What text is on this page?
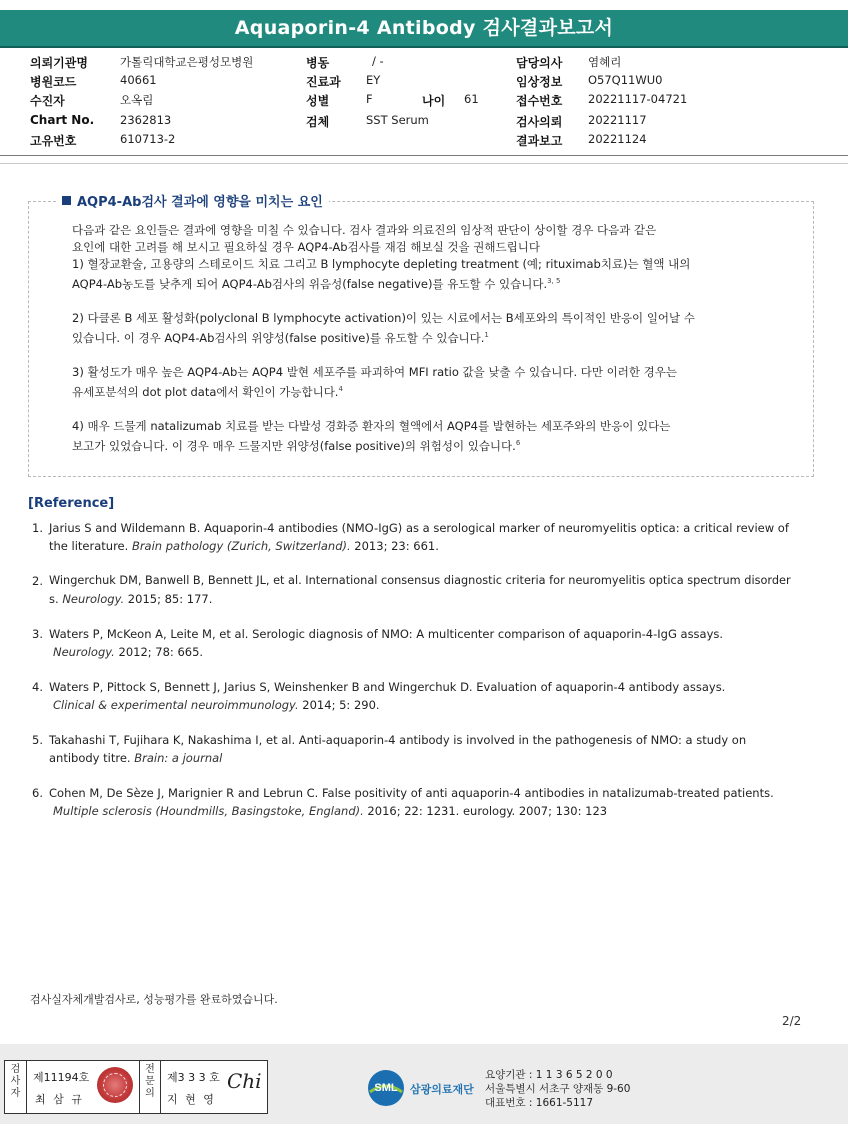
Aquaporin-4 Antibody 검사결과보고서
의뢰기관명	가톨릭대학교은평성모병원	병동	/ -	담당의사 염혜리
병원코드	40661	진료과 EY	임상정보 O57Q11WU0
수진자	오옥림	성별	F	나이 61	접수번호 20221117-04721
Chart No. 2362813	검체	SST Serum	검사의뢰 20221117
고유번호	610713-2	결과보고 20221124
AQP4-Ab검사 결과에 영향을 미치는 요인

다음과 같은 요인들은 결과에 영향을 미칠 수 있습니다. 검사 결과와 의료진의 임상적 판단이 상이할 경우 다음과 같은

요인에 대한 고려를 해 보시고 필요하실 경우 AQP4-Ab검사를 재검 해보실 것을 권해드립니다

1) 혈장교환술, 고용량의 스테로이드 치료 그리고 B lymphocyte depleting treatment (예; rituximab치료)는 혈액 내의

AQP4-Ab농도를 낮추게 되어 AQP4-Ab검사의 위음성(false negative)를 유도할 수 있습니다.$^{3, 5}$

2) 다클론 B 세포 활성화(polyclonal B lymphocyte activation)이 있는 시료에서는 B세포와의 특이적인 반응이 일어날 수

있습니다. 이 경우 AQP4-Ab검사의 위양성(false positive)를 유도할 수 있습니다.$^1$

3) 활성도가 매우 높은 AQP4-Ab는 AQP4 발현 세포주를 파괴하여 MFI ratio 값을 낮출 수 있습니다. 다만 이러한 경우는

유세포분석의 dot plot data에서 확인이 가능합니다.$^4$

4) 매우 드물게 natalizumab 치료를 받는 다발성 경화증 환자의 혈액에서 AQP4를 발현하는 세포주와의 반응이 있다는

보고가 있었습니다. 이 경우 매우 드물지만 위양성(false positive)의 위험성이 있습니다.$^6$

[Reference]
1. Jarius S and Wildemann B. Aquaporin-4 antibodies (NMO-IgG) as a serological marker of neuromyelitis optica: a critical review of
the literature. Brain pathology (Zurich, Switzerland). 2013; 23: 661.
2. Wingerchuk DM, Banwell B, Bennett JL, et al. International consensus diagnostic criteria for neuromyelitis optica spectrum disorder
s. Neurology. 2015; 85: 177.
3. Waters P, McKeon A, Leite M, et al. Serologic diagnosis of NMO: A multicenter comparison of aquaporin-4-IgG assays.
Neurology. 2012; 78: 665.
4. Waters P, Pittock S, Bennett J, Jarius S, Weinshenker B and Wingerchuk D. Evaluation of aquaporin-4 antibody assays.
Clinical & experimental neuroimmunology. 2014; 5: 290.
5. Takahashi T, Fujihara K, Nakashima I, et al. Anti-aquaporin-4 antibody is involved in the pathogenesis of NMO: a study on
antibody titre. Brain: a journal
6. Cohen M, De Sèze J, Marignier R and Lebrun C. False positivity of anti aquaporin-4 antibodies in natalizumab-treated patients.
Multiple sclerosis (Houndmills, Basingstoke, England). 2016; 22: 1231. eurology. 2007; 130: 123
검사실자체개발검사로, 성능평가를 완료하였습니다.
2/2
검사자
제11194호
최 삼 규
전문의
제3 3 3 호
지 현 영
Chi	SML 삼광의료재단
요양기관 : 1 1 3 6 5 2 0 0
서울특별시 서초구 양재동 9-60
대표번호 : 1661-5117
